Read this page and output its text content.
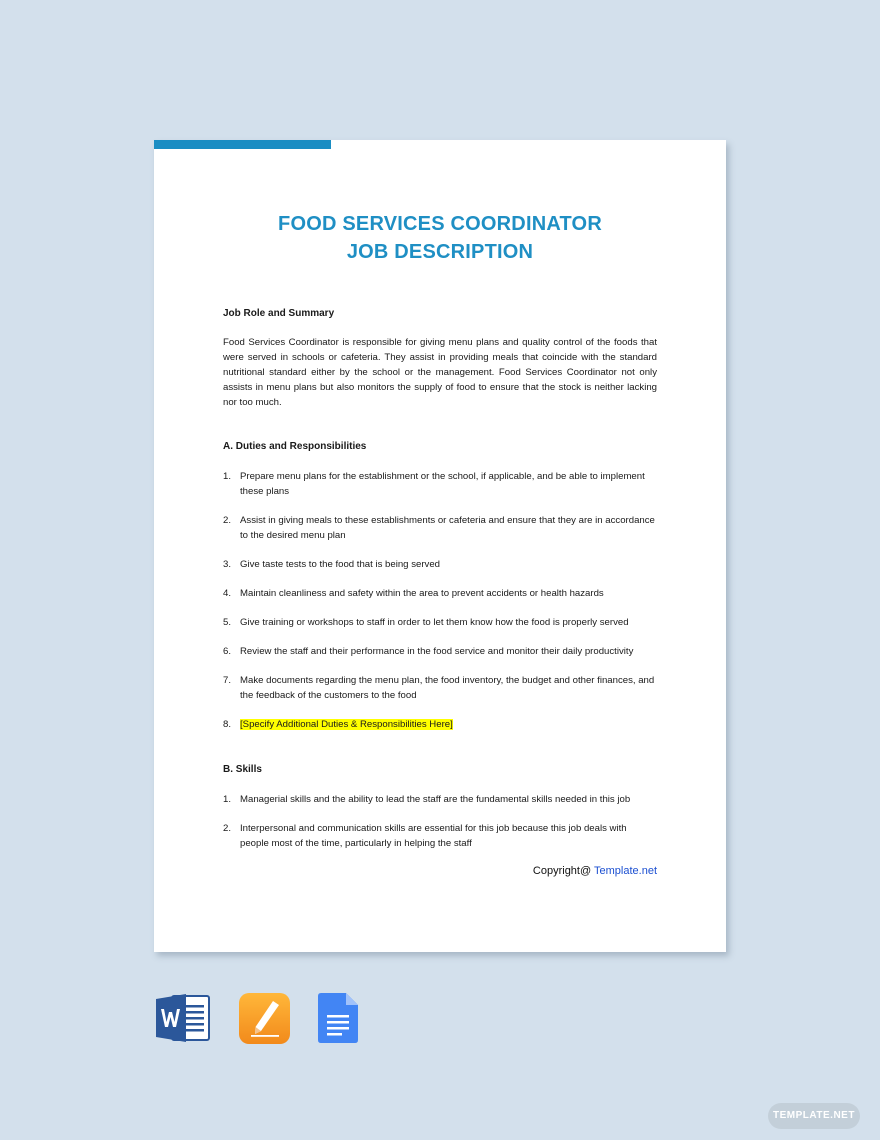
FOOD SERVICES COORDINATOR
JOB DESCRIPTION
Job Role and Summary
Food Services Coordinator is responsible for giving menu plans and quality control of the foods that were served in schools or cafeteria. They assist in providing meals that coincide with the standard nutritional standard either by the school or the management. Food Services Coordinator not only assists in menu plans but also monitors the supply of food to ensure that the stock is neither lacking nor too much.
A. Duties and Responsibilities
1. Prepare menu plans for the establishment or the school, if applicable, and be able to implement these plans
2. Assist in giving meals to these establishments or cafeteria and ensure that they are in accordance to the desired menu plan
3. Give taste tests to the food that is being served
4. Maintain cleanliness and safety within the area to prevent accidents or health hazards
5. Give training or workshops to staff in order to let them know how the food is properly served
6. Review the staff and their performance in the food service and monitor their daily productivity
7. Make documents regarding the menu plan, the food inventory, the budget and other finances, and the feedback of the customers to the food
8. [Specify Additional Duties & Responsibilities Here]
B. Skills
1. Managerial skills and the ability to lead the staff are the fundamental skills needed in this job
2. Interpersonal and communication skills are essential for this job because this job deals with people most of the time, particularly in helping the staff
Copyright@ Template.net
TEMPLATE.NET
